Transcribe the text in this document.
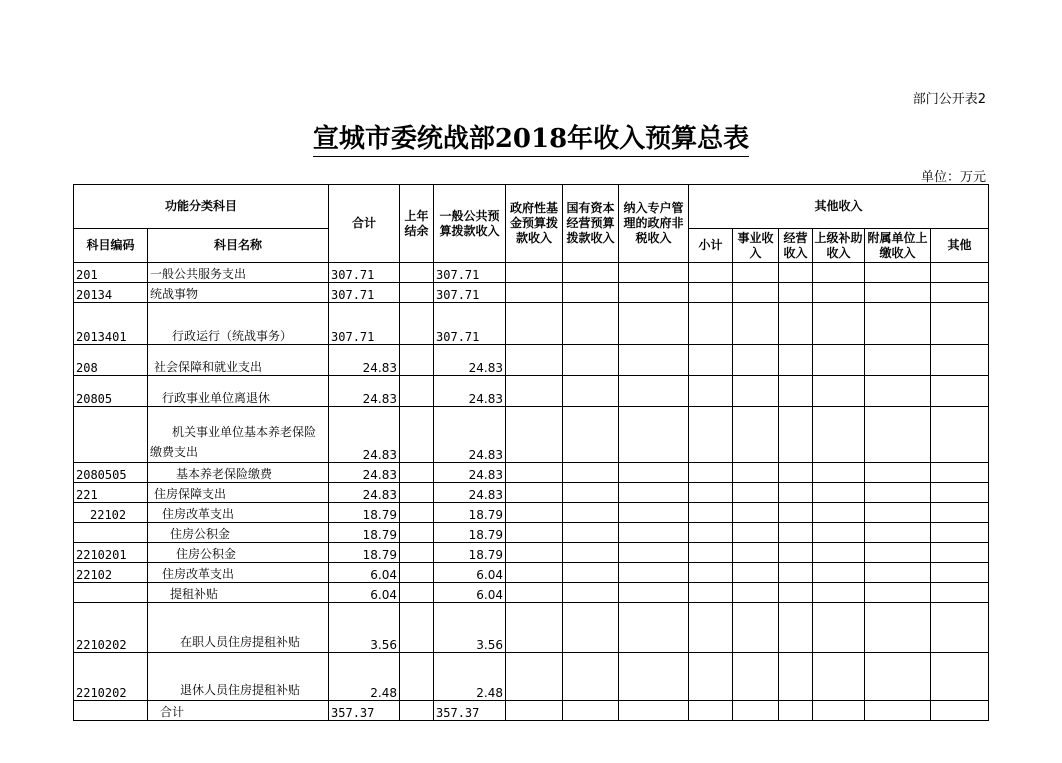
部门公开表2
宣城市委统战部2018年收入预算总表
单位：万元
功能分类科目		合计	上年结余	一般公共预算拨款收入	政府性基金预算拨款收入	国有资本经营预算拨款收入	纳入专户管理的政府非税收入	其他收入					
科目编码	科目名称							小计	事业收入	经营收入	上级补助收入	附属单位上缴收入	其他
201	一般公共服务支出	307.71		307.71									
20134	统战事物	307.71		307.71									
2013401	行政运行（统战事务）	307.71		307.71									
208	社会保障和就业支出	24.83		24.83									
20805	行政事业单位离退休	24.83		24.83									
	机关事业单位基本养老保险缴费支出	24.83		24.83									
2080505	基本养老保险缴费	24.83		24.83									
221	住房保障支出	24.83		24.83									
22102	住房改革支出	18.79		18.79									
	住房公积金	18.79		18.79									
2210201	住房公积金	18.79		18.79									
22102	住房改革支出	6.04		6.04									
	提租补贴	6.04		6.04									
2210202	在职人员住房提租补贴	3.56		3.56									
2210202	退休人员住房提租补贴	2.48		2.48									
	合计	357.37		357.37									
